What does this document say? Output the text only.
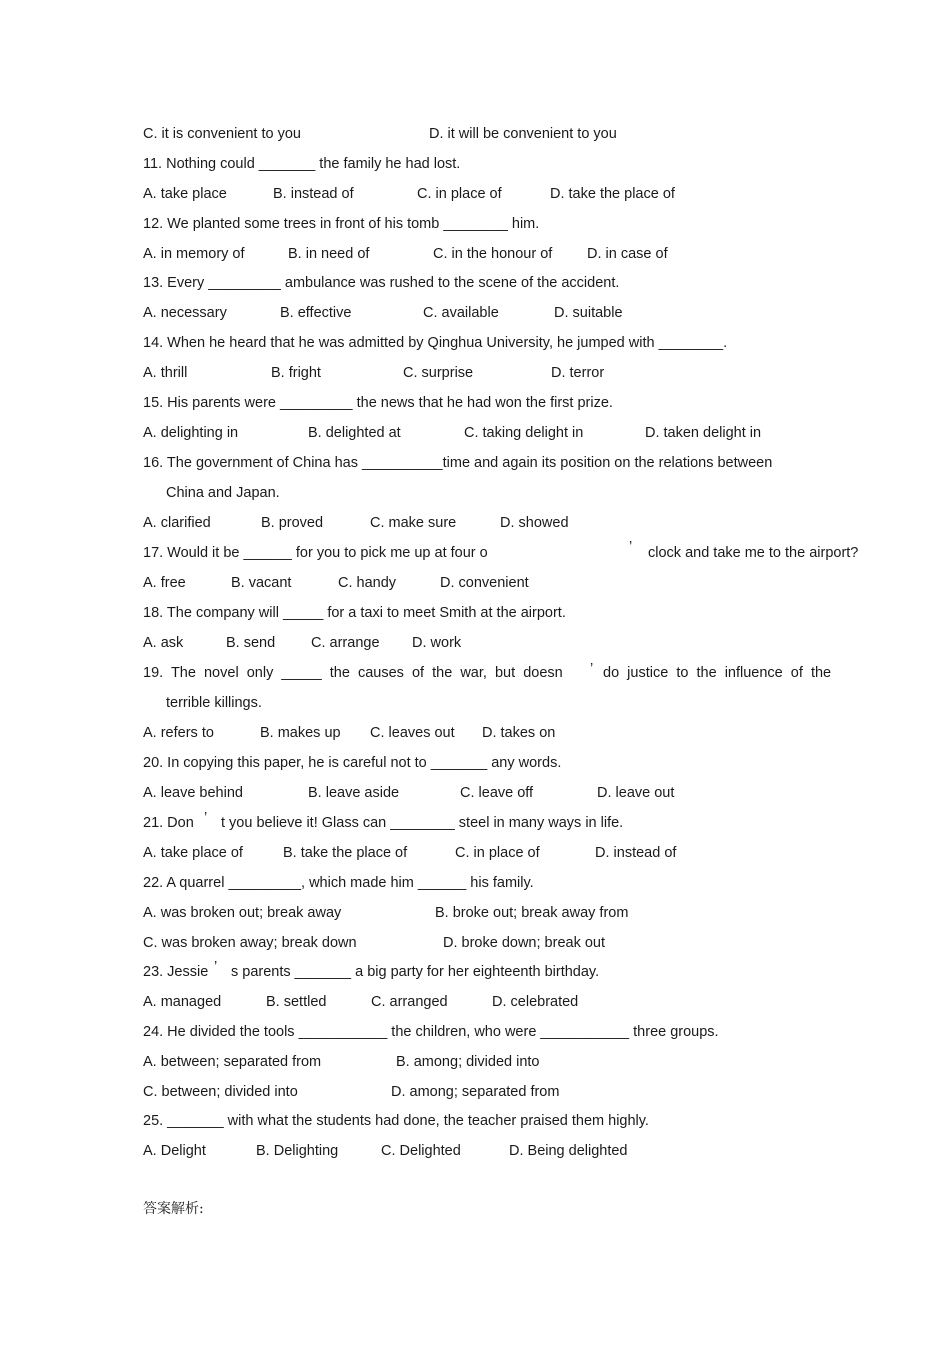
C. it is convenient to you	D. it will be convenient to you
11. Nothing could _______ the family he had lost.
A. take place	B. instead of	C. in place of	D. take the place of
12. We planted some trees in front of his tomb ________ him.
A. in memory of	B. in need of	C. in the honour of D. in case of
13. Every _________ ambulance was rushed to the scene of the accident.
A. necessary	B. effective	C. available	D. suitable
14. When he heard that he was admitted by Qinghua University, he jumped with ________.
A. thrill	B. fright	C. surprise	D. terror
15. His parents were _________ the news that he had won the first prize.
A. delighting in	B. delighted at	C. taking delight in	D. taken delight in
16. The government of China has __________time and again its position on the relations between
China and Japan.
A. clarified	B. proved	C. make sure	D. showed
17. Would it be ______ for you to pick me up at four o	’ clock and take me to the airport?
A. free	B. vacant	C. handy	D. convenient
18. The company will _____ for a taxi to meet Smith at the airport.
A. ask	B. send C. arrange D. work
19.  The  novel  only  _____  the  causes  of  the  war,  but  doesn ’ do  justice  to  the  influence  of  the
terrible killings.
A. refers to	B. makes up C. leaves out D. takes on
20. In copying this paper, he is careful not to _______ any words.
A. leave behind	B. leave aside	C. leave off	D. leave out
21. Don ’ t you believe it! Glass can ________ steel in many ways in life.
A. take place of	B. take the place of	C. in place of	D. instead of
22. A quarrel _________, which made him ______ his family.
A. was broken out; break away	B. broke out; break away from
C. was broken away; break down	D. broke down; break out
23. Jessie ’ s parents _______ a big party for her eighteenth birthday.
A. managed	B. settled	C. arranged	D. celebrated
24. He divided the tools ___________ the children, who were ___________ three groups.
A. between; separated from	B. among; divided into
C. between; divided into	D. among; separated from
25. _______ with what the students had done, the teacher praised them highly.
A. Delight	B. Delighting	C. Delighted	D. Being delighted
答案解析:
